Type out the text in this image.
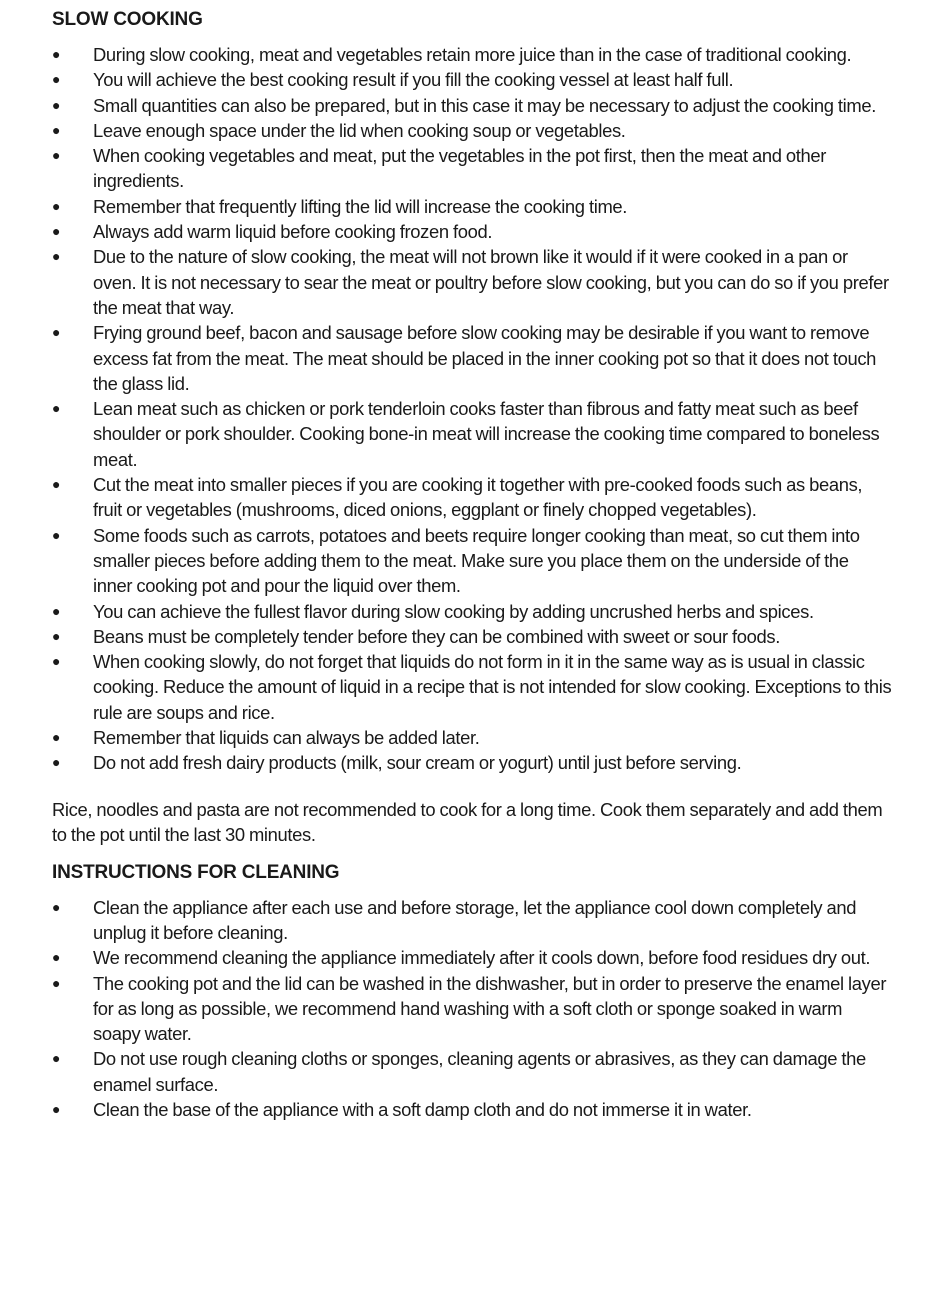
SLOW COOKING
●	During slow cooking, meat and vegetables retain more juice than in the case of traditional cooking.
●	You will achieve the best cooking result if you fill the cooking vessel at least half full.
●	Small quantities can also be prepared, but in this case it may be necessary to adjust the cooking time.
●	Leave enough space under the lid when cooking soup or vegetables.
●	When cooking vegetables and meat, put the vegetables in the pot first, then the meat and other ingredients.
●	Remember that frequently lifting the lid will increase the cooking time.
●	Always add warm liquid before cooking frozen food.
●	Due to the nature of slow cooking, the meat will not brown like it would if it were cooked in a pan or oven. It is not necessary to sear the meat or poultry before slow cooking, but you can do so if you prefer the meat that way.
●	Frying ground beef, bacon and sausage before slow cooking may be desirable if you want to remove excess fat from the meat. The meat should be placed in the inner cooking pot so that it does not touch the glass lid.
●	Lean meat such as chicken or pork tenderloin cooks faster than fibrous and fatty meat such as beef shoulder or pork shoulder. Cooking bone-in meat will increase the cooking time compared to boneless meat.
●	Cut the meat into smaller pieces if you are cooking it together with pre-cooked foods such as beans, fruit or vegetables (mushrooms, diced onions, eggplant or finely chopped vegetables).
●	Some foods such as carrots, potatoes and beets require longer cooking than meat, so cut them into smaller pieces before adding them to the meat. Make sure you place them on the underside of the inner cooking pot and pour the liquid over them.
●	You can achieve the fullest flavor during slow cooking by adding uncrushed herbs and spices.
●	Beans must be completely tender before they can be combined with sweet or sour foods.
●	When cooking slowly, do not forget that liquids do not form in it in the same way as is usual in classic cooking. Reduce the amount of liquid in a recipe that is not intended for slow cooking. Exceptions to this rule are soups and rice.
●	Remember that liquids can always be added later.
●	Do not add fresh dairy products (milk, sour cream or yogurt) until just before serving.

Rice, noodles and pasta are not recommended to cook for a long time. Cook them separately and add them to the pot until the last 30 minutes.

INSTRUCTIONS FOR CLEANING
●	Clean the appliance after each use and before storage, let the appliance cool down completely and unplug it before cleaning.
●	We recommend cleaning the appliance immediately after it cools down, before food residues dry out.
●	The cooking pot and the lid can be washed in the dishwasher, but in order to preserve the enamel layer for as long as possible, we recommend hand washing with a soft cloth or sponge soaked in warm soapy water.
●	Do not use rough cleaning cloths or sponges, cleaning agents or abrasives, as they can damage the enamel surface.
●	Clean the base of the appliance with a soft damp cloth and do not immerse it in water.
